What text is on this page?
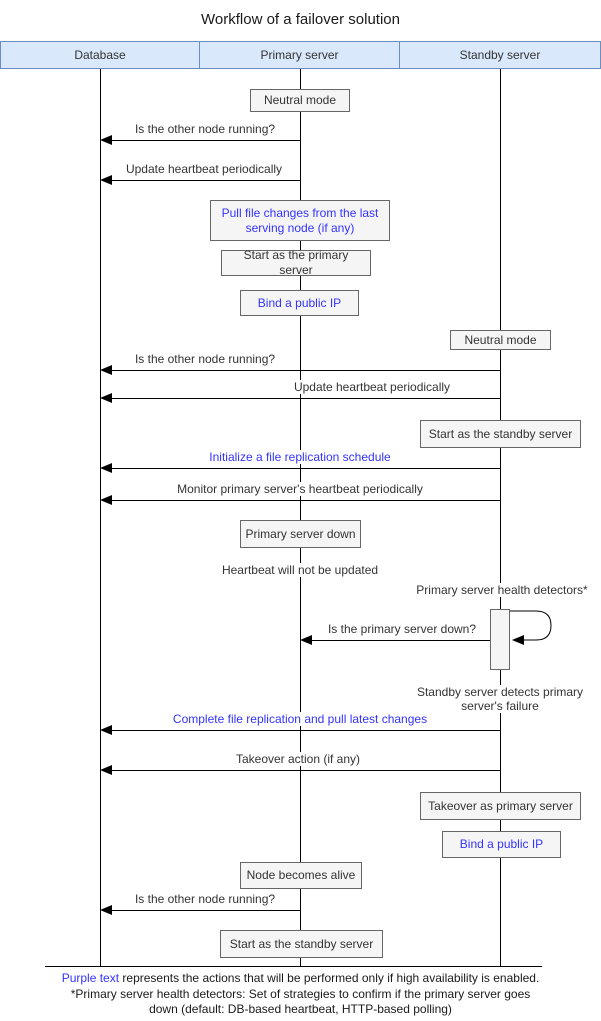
Workflow of a failover solution
Database	Primary server	Standby server
Is the other node running?
Update heartbeat periodically
Neutral mode
Pull file changes from the last serving node (if any)
Start as the primary server
Bind a public IP
Neutral mode
Is the other node running?
Update heartbeat periodically
Start as the standby server
Initialize a file replication schedule
Monitor primary server's heartbeat periodically
Primary server down
Heartbeat will not be updated
Primary server health detectors*
Is the primary server down?
Standby server detects primary server's failure
Complete file replication and pull latest changes
Takeover action (if any)
Takeover as primary server
Bind a public IP
Node becomes alive
Is the other node running?
Start as the standby server
Purple text represents the actions that will be performed only if high availability is enabled.
*Primary server health detectors: Set of strategies to confirm if the primary server goes
down (default: DB-based heartbeat, HTTP-based polling)
